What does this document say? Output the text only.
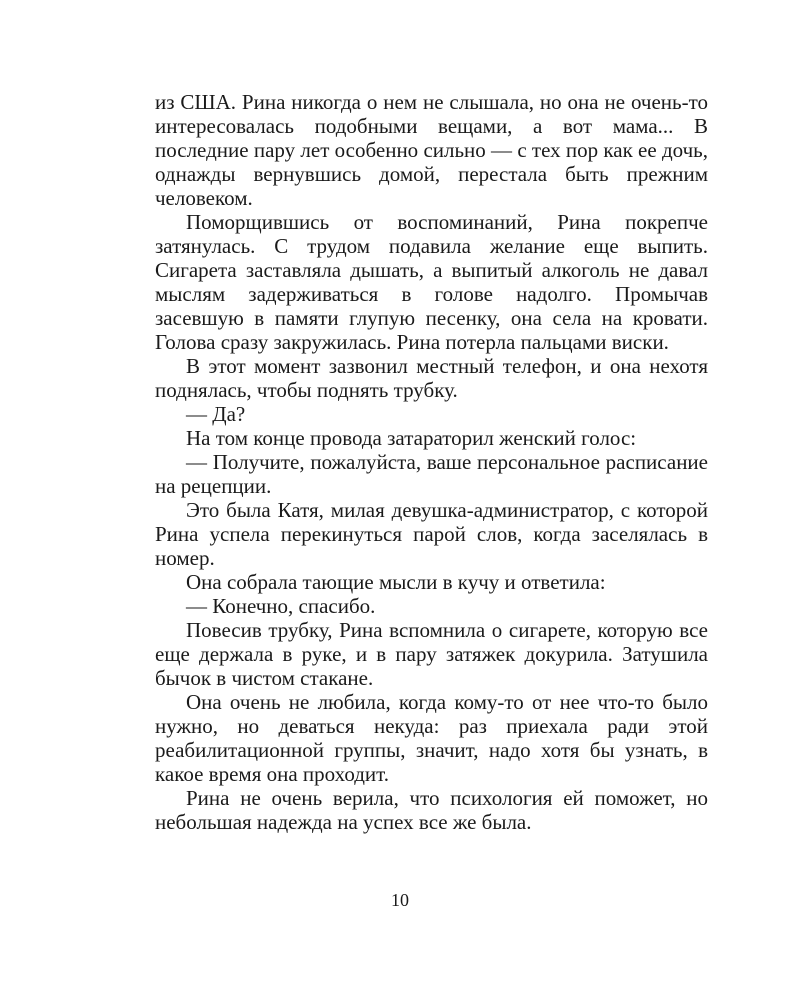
из США. Рина никогда о нем не слышала, но она не очень-то интересовалась подобными вещами, а вот мама... В последние пару лет особенно сильно — с тех пор как ее дочь, однажды вернувшись домой, перестала быть прежним человеком.

Поморщившись от воспоминаний, Рина покрепче затянулась. С трудом подавила желание еще выпить. Сигарета заставляла дышать, а выпитый алкоголь не давал мыслям задерживаться в голове надолго. Промычав засевшую в памяти глупую песенку, она села на кровати. Голова сразу закружилась. Рина потерла пальцами виски.

В этот момент зазвонил местный телефон, и она нехотя поднялась, чтобы поднять трубку.

— Да?

На том конце провода затараторил женский голос:

— Получите, пожалуйста, ваше персональное расписание на рецепции.

Это была Катя, милая девушка-администратор, с которой Рина успела перекинуться парой слов, когда заселялась в номер.

Она собрала тающие мысли в кучу и ответила:

— Конечно, спасибо.

Повесив трубку, Рина вспомнила о сигарете, которую все еще держала в руке, и в пару затяжек докурила. Затушила бычок в чистом стакане.

Она очень не любила, когда кому-то от нее что-то было нужно, но деваться некуда: раз приехала ради этой реабилитационной группы, значит, надо хотя бы узнать, в какое время она проходит.

Рина не очень верила, что психология ей поможет, но небольшая надежда на успех все же была.

10
